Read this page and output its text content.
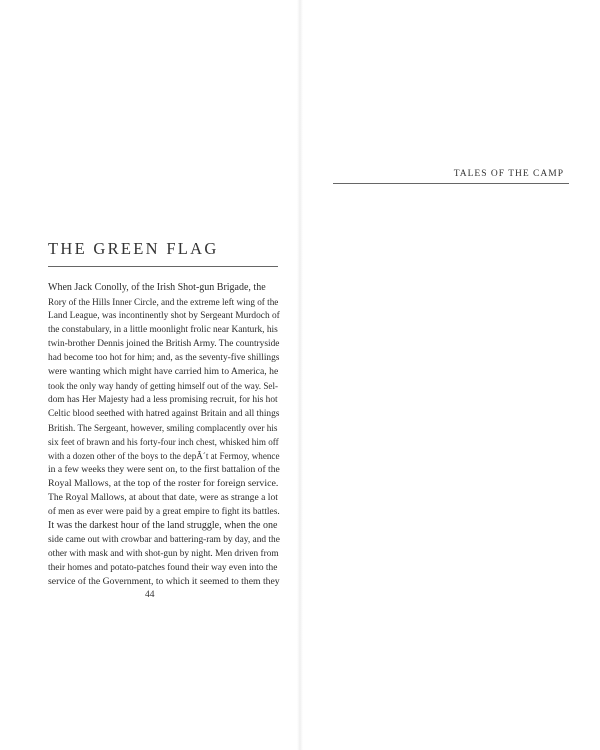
THE GREEN FLAG
When Jack Conolly, of the Irish Shot-gun Brigade, the
Rory of the Hills Inner Circle, and the extreme left wing of the
Land League, was incontinently shot by Sergeant Murdoch of
the constabulary, in a little moonlight frolic near Kanturk, his
twin-brother Dennis joined the British Army. The countryside
had become too hot for him; and, as the seventy-five shillings
were wanting which might have carried him to America, he
took the only way handy of getting himself out of the way. Sel-
dom has Her Majesty had a less promising recruit, for his hot
Celtic blood seethed with hatred against Britain and all things
British. The Sergeant, however, smiling complacently over his
six feet of brawn and his forty-four inch chest, whisked him off
with a dozen other of the boys to the depÃ´t at Fermoy, whence
in a few weeks they were sent on, to the first battalion of the
Royal Mallows, at the top of the roster for foreign service.
The Royal Mallows, at about that date, were as strange a lot
of men as ever were paid by a great empire to fight its battles.
It was the darkest hour of the land struggle, when the one
side came out with crowbar and battering-ram by day, and the
other with mask and with shot-gun by night. Men driven from
their homes and potato-patches found their way even into the
service of the Government, to which it seemed to them they
44
TALES OF THE CAMP
